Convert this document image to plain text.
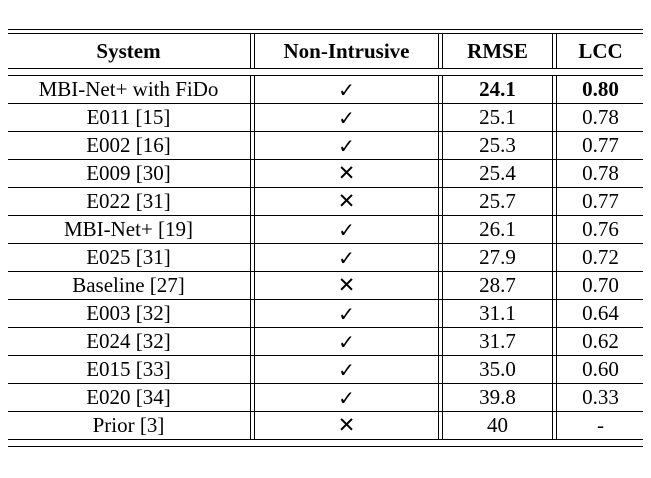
System	Non-Intrusive	RMSE	LCC
MBI-Net+ with FiDo	✓	24.1	0.80
E011 [15]	✓	25.1	0.78
E002 [16]	✓	25.3	0.77
E009 [30]	✕	25.4	0.78
E022 [31]	✕	25.7	0.77
MBI-Net+ [19]	✓	26.1	0.76
E025 [31]	✓	27.9	0.72
Baseline [27]	✕	28.7	0.70
E003 [32]	✓	31.1	0.64
E024 [32]	✓	31.7	0.62
E015 [33]	✓	35.0	0.60
E020 [34]	✓	39.8	0.33
Prior [3]	✕	40	-
